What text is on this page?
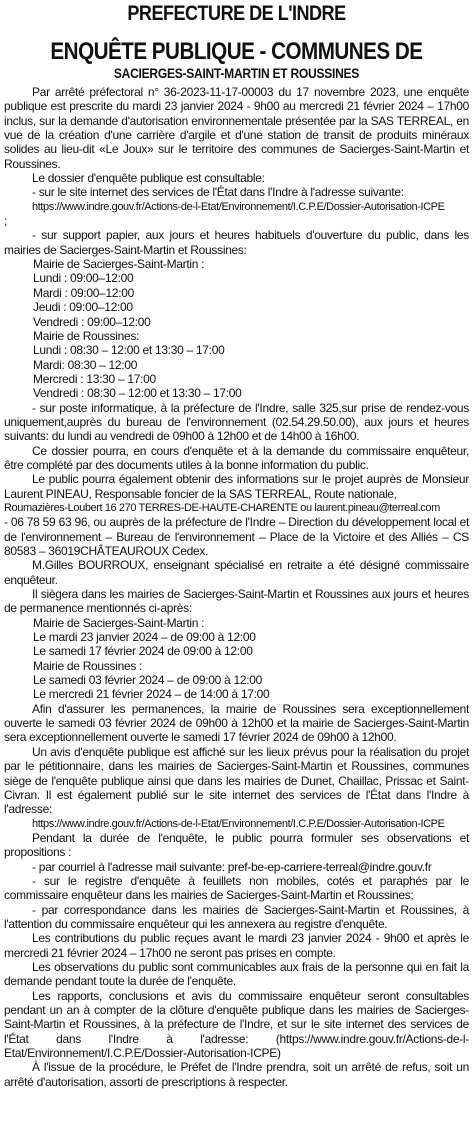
PREFECTURE DE L'INDRE
ENQUÊTE PUBLIQUE - COMMUNES DE
SACIERGES-SAINT-MARTIN ET ROUSSINES

Par arrêté préfectoral n° 36-2023-11-17-00003 du 17 novembre 2023, une enquête publique est prescrite du mardi 23 janvier 2024 - 9h00 au mercredi 21 février 2024 – 17h00 inclus, sur la demande d'autorisation environnementale présentée par la SAS TERREAL, en vue de la création d'une carrière d'argile et d'une station de transit de produits minéraux solides au lieu-dit «Le Joux» sur le territoire des communes de Sacierges-Saint-Martin et Roussines.

Le dossier d'enquête publique est consultable:

- sur le site internet des services de l'État dans l'Indre à l'adresse suivante:

https://www.indre.gouv.fr/Actions-de-l-Etat/Environnement/I.C.P.E/Dossier-Autorisation-ICPE

;

- sur support papier, aux jours et heures habituels d'ouverture du public, dans les mairies de Sacierges-Saint-Martin et Roussines:

Mairie de Sacierges-Saint-Martin :

Lundi : 09:00–12:00

Mardi : 09:00–12:00

Jeudi : 09:00–12:00

Vendredi : 09:00–12:00

Mairie de Roussines:

Lundi : 08:30 – 12:00 et 13:30 – 17:00

Mardi: 08:30 – 12:00

Mercredi : 13:30 – 17:00

Vendredi : 08:30 – 12:00 et 13:30 – 17:00

- sur poste informatique, à la préfecture de l'Indre, salle 325,sur prise de rendez-vous uniquement,auprès du bureau de l'environnement (02.54.29.50.00), aux jours et heures suivants: du lundi au vendredi de 09h00 à 12h00 et de 14h00 à 16h00.

Ce dossier pourra, en cours d'enquête et à la demande du commissaire enquêteur, être complété par des documents utiles à la bonne information du public.

Le public pourra également obtenir des informations sur le projet auprès de Monsieur Laurent PINEAU, Responsable foncier de la SAS TERREAL, Route nationale,

Roumazières-Loubert 16 270 TERRES-DE-HAUTE-CHARENTE ou laurent.pineau@terreal.com

- 06 78 59 63 96, ou auprès de la préfecture de l'Indre – Direction du développement local et de l'environnement – Bureau de l'environnement – Place de la Victoire et des Alliés – CS 80583 – 36019CHÂTEAUROUX Cedex.

M.Gilles BOURROUX, enseignant spécialisé en retraite a été désigné commissaire enquêteur.

Il siègera dans les mairies de Sacierges-Saint-Martin et Roussines aux jours et heures de permanence mentionnés ci-après:

Mairie de Sacierges-Saint-Martin :

Le mardi 23 janvier 2024 – de 09:00 à 12:00

Le samedi 17 février 2024 de 09:00 à 12:00

Mairie de Roussines :

Le samedi 03 février 2024 – de 09:00 à 12:00

Le mercredi 21 février 2024 – de 14:00 à 17:00

Afin d'assurer les permanences, la mairie de Roussines sera exceptionnellement ouverte le samedi 03 février 2024 de 09h00 à 12h00 et la mairie de Sacierges-Saint-Martin sera exceptionnellement ouverte le samedi 17 février 2024 de 09h00 à 12h00.

Un avis d'enquête publique est affiché sur les lieux prévus pour la réalisation du projet par le pétitionnaire, dans les mairies de Sacierges-Saint-Martin et Roussines, communes siège de l'enquête publique ainsi que dans les mairies de Dunet, Chaillac, Prissac et Saint-Civran. Il est également publié sur le site internet des services de l'État dans l'Indre à l'adresse:

https://www.indre.gouv.fr/Actions-de-l-Etat/Environnement/I.C.P.E/Dossier-Autorisation-ICPE

Pendant la durée de l'enquête, le public pourra formuler ses observations et propositions :

- par courriel à l'adresse mail suivante: pref-be-ep-carriere-terreal@indre.gouv.fr

- sur le registre d'enquête à feuillets non mobiles, cotés et paraphés par le commissaire enquêteur dans les mairies de Sacierges-Saint-Martin et Roussines;

- par correspondance dans les mairies de Sacierges-Saint-Martin et Roussines, à l'attention du commissaire enquêteur qui les annexera au registre d'enquête.

Les contributions du public reçues avant le mardi 23 janvier 2024 - 9h00 et après le mercredi 21 février 2024 – 17h00 ne seront pas prises en compte.

Les observations du public sont communicables aux frais de la personne qui en fait la demande pendant toute la durée de l'enquête.

Les rapports, conclusions et avis du commissaire enquêteur seront consultables pendant un an à compter de la clôture d'enquête publique dans les mairies de Sacierges-Saint-Martin et Roussines, à la préfecture de l'Indre, et sur le site internet des services de l'État dans l'Indre à l'adresse: (https://www.indre.gouv.fr/Actions-de-l-Etat/Environnement/I.C.P.E/Dossier-Autorisation-ICPE)

À l'issue de la procédure, le Préfet de l'Indre prendra, soit un arrêté de refus, soit un arrêté d'autorisation, assorti de prescriptions à respecter.
